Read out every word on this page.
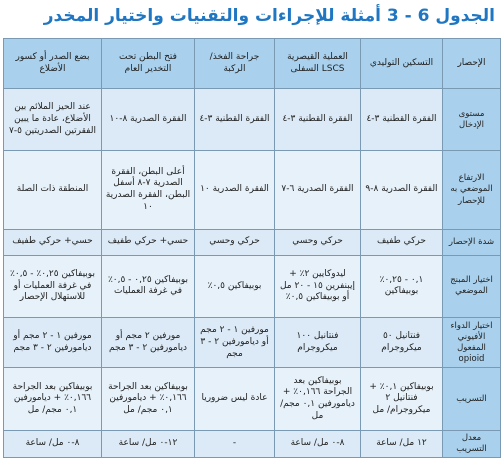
الجدول 6 - 3 أمثلة للإجراءات والتقنيات واختيار المخدر
الإحصار	التسكين التوليدي	العملية القيصرية LSCS السفلى	جراحة الفخذ/ الركبة	فتح البطن تحت التخدير العام	بضع الصدر أو كسور الأضلاع
مستوى الإدخال	الفقرة القطنية ٣-٤	الفقرة القطنية ٣-٤	الفقرة القطنية ٣-٤	الفقرة الصدرية ٨-١٠	عند الحيز الملائم بين الأضلاع، عادة ما يبين الفقرتين الصدريتين ٥-٧
الارتفاع الموضعي به للإحصار	الفقرة الصدرية ٨-٩	الفقرة الصدرية ٦-٧	الفقرة الصدرية ١٠	أعلى البطن، الفقرة الصدرية ٧-٨ أسفل البطن، الفقرة الصدرية ١٠	المنطقة ذات الصلة
شدة الإحصار	حركي طفيف	حركي وحسي	حركي وحسي	حسي+ حركي طفيف	حسي+ حركي طفيف
اختيار المبنج الموضعي	٠,١ - ٠,٢٥٪ بوبيفاكين	ليدوكايين ٢٪ + إيبنفرين ١٥ - ٢٠ مل أو بوبيفاكين ٠,٥٪	بوبيفاكين ٠,٥٪	بوبيفاكين ٠,٢٥ - ٠,٥٪ في غرفة العمليات	بوبيفاكين ٠,٢٥٪ - ٠,٥٪ في غرفة العمليات أو للاستهلال الإحصار
اختيار الدواء الأفيوني المفعول opioid	فنتانيل ٥٠ ميكروجرام	فنتانيل ١٠٠ ميكروجرام	مورفين ١ - ٢ مجم أو ديامورفين ٢ - ٣ مجم	مورفين ٢ مجم أو ديامورفين ٢ - ٣ مجم	مورفين ١ - ٢ مجم أو ديامورفين ٢ - ٣ مجم
التسريب	بوبيفاكين ٠,١٪ + فنتانيل ٢ ميكروجرام/ مل	بوبيفاكين بعد الجراحة ٠,١٦٦٪ + ديامورفين ٠,١ مجم/ مل	عادة ليس ضروريا	بوبيفاكين بعد الجراحة ٠,١٦٦٪ + ديامورفين ٠,١ مجم/ مل	بوبيفاكين بعد الجراحة ٠,١٦٦٪ + ديامورفين ٠,١ مجم/ مل
معدل التسريب	١٢ مل/ ساعة	٨-٠ مل/ ساعة	-	١٢-٠ مل/ ساعة	٨-٠ مل/ ساعة
